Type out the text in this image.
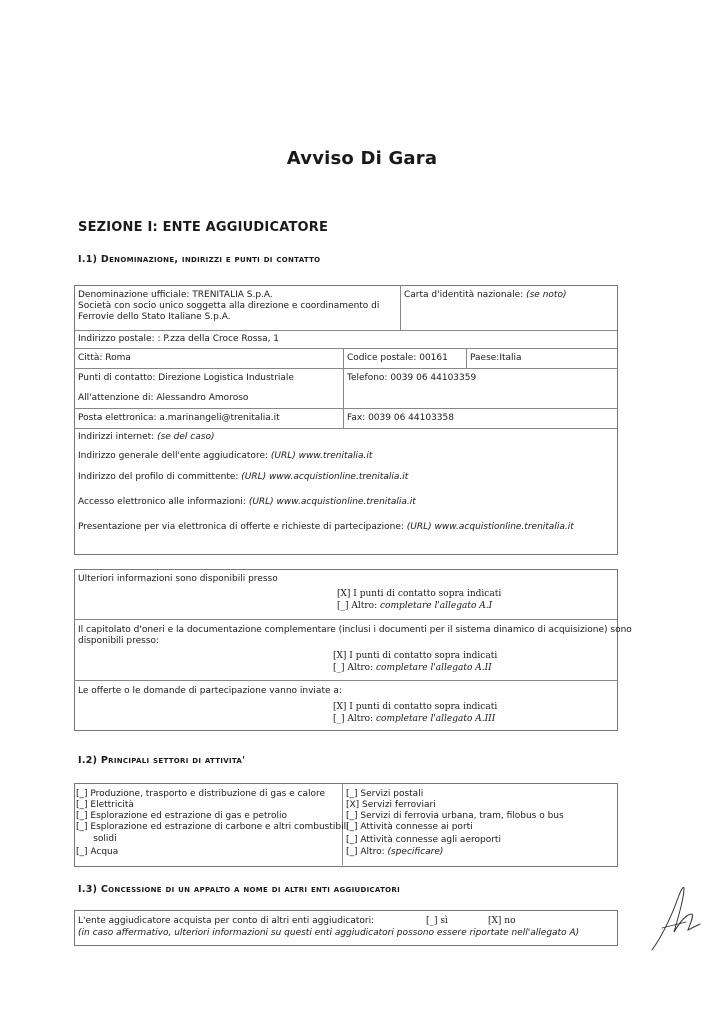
Avviso Di Gara
SEZIONE I: ENTE AGGIUDICATORE
I.1) Denominazione, indirizzi e punti di contatto
Denominazione ufficiale: TRENITALIA S.p.A.
Società con socio unico soggetta alla direzione e coordinamento di
Ferrovie dello Stato Italiane S.p.A.
Carta d'identità nazionale: (se noto)
Indirizzo postale: : P.zza della Croce Rossa, 1
Città: Roma	Codice postale: 00161 Paese:Italia
Punti di contatto: Direzione Logistica Industriale	Telefono: 0039 06 44103359
All'attenzione di: Alessandro Amoroso
Posta elettronica: a.marinangeli@trenitalia.it	Fax: 0039 06 44103358
Indirizzi internet: (se del caso)
Indirizzo generale dell'ente aggiudicatore: (URL) www.trenitalia.it
Indirizzo del profilo di committente: (URL) www.acquistionline.trenitalia.it
Accesso elettronico alle informazioni: (URL) www.acquistionline.trenitalia.it
Presentazione per via elettronica di offerte e richieste di partecipazione: (URL) www.acquistionline.trenitalia.it
Ulteriori informazioni sono disponibili presso
[X] I punti di contatto sopra indicati
[_] Altro: completare l'allegato A.I
Il capitolato d'oneri e la documentazione complementare (inclusi i documenti per il sistema dinamico di acquisizione) sono
disponibili presso:
[X] I punti di contatto sopra indicati
[_] Altro: completare l'allegato A.II
Le offerte o le domande di partecipazione vanno inviate a:
[X] I punti di contatto sopra indicati
[_] Altro: completare l'allegato A.III
I.2) Principali settori di attivita'
[_] Produzione, trasporto e distribuzione di gas e calore
[_] Elettricità
[_] Esplorazione ed estrazione di gas e petrolio
[_] Esplorazione ed estrazione di carbone e altri combustibili
solidi
[_] Acqua
[_] Servizi postali
[X] Servizi ferroviari
[_] Servizi di ferrovia urbana, tram, filobus o bus
[_] Attività connesse ai porti
[_] Attività connesse agli aeroporti
[_] Altro: (specificare)
I.3) Concessione di un appalto a nome di altri enti aggiudicatori
L'ente aggiudicatore acquista per conto di altri enti aggiudicatori:	[_] sì	[X] no
(in caso affermativo, ulteriori informazioni su questi enti aggiudicatori possono essere riportate nell'allegato A)
